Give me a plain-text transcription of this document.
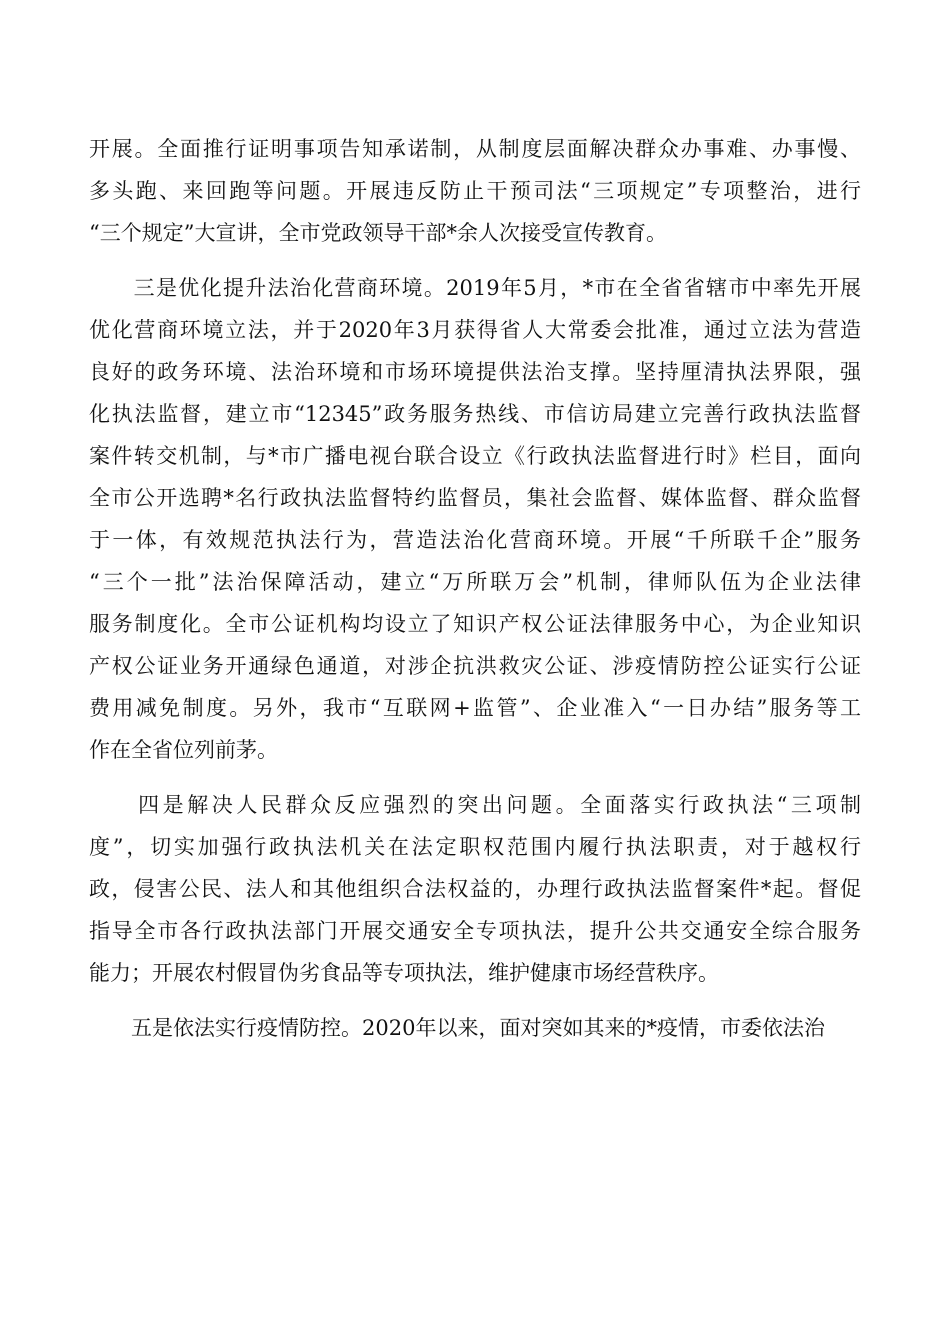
开展。全面推行证明事项告知承诺制，从制度层面解决群众办事难、办事慢、
多头跑、来回跑等问题。开展违反防止干预司法“三项规定”专项整治，进行
“三个规定”大宣讲，全市党政领导干部*余人次接受宣传教育。
　　三是优化提升法治化营商环境。2019年5月，*市在全省省辖市中率先开展
优化营商环境立法，并于2020年3月获得省人大常委会批准，通过立法为营造
良好的政务环境、法治环境和市场环境提供法治支撑。坚持厘清执法界限，强
化执法监督，建立市“12345”政务服务热线、市信访局建立完善行政执法监督
案件转交机制，与*市广播电视台联合设立《行政执法监督进行时》栏目，面向
全市公开选聘*名行政执法监督特约监督员，集社会监督、媒体监督、群众监督
于一体，有效规范执法行为，营造法治化营商环境。开展“千所联千企”服务
“三个一批”法治保障活动，建立“万所联万会”机制，律师队伍为企业法律
服务制度化。全市公证机构均设立了知识产权公证法律服务中心，为企业知识
产权公证业务开通绿色通道，对涉企抗洪救灾公证、涉疫情防控公证实行公证
费用减免制度。另外，我市“互联网+监管”、企业准入“一日办结”服务等工
作在全省位列前茅。
　　四是解决人民群众反应强烈的突出问题。全面落实行政执法“三项制
度”，切实加强行政执法机关在法定职权范围内履行执法职责，对于越权行
政，侵害公民、法人和其他组织合法权益的，办理行政执法监督案件*起。督促
指导全市各行政执法部门开展交通安全专项执法，提升公共交通安全综合服务
能力；开展农村假冒伪劣食品等专项执法，维护健康市场经营秩序。
　　五是依法实行疫情防控。2020年以来，面对突如其来的*疫情，市委依法治
